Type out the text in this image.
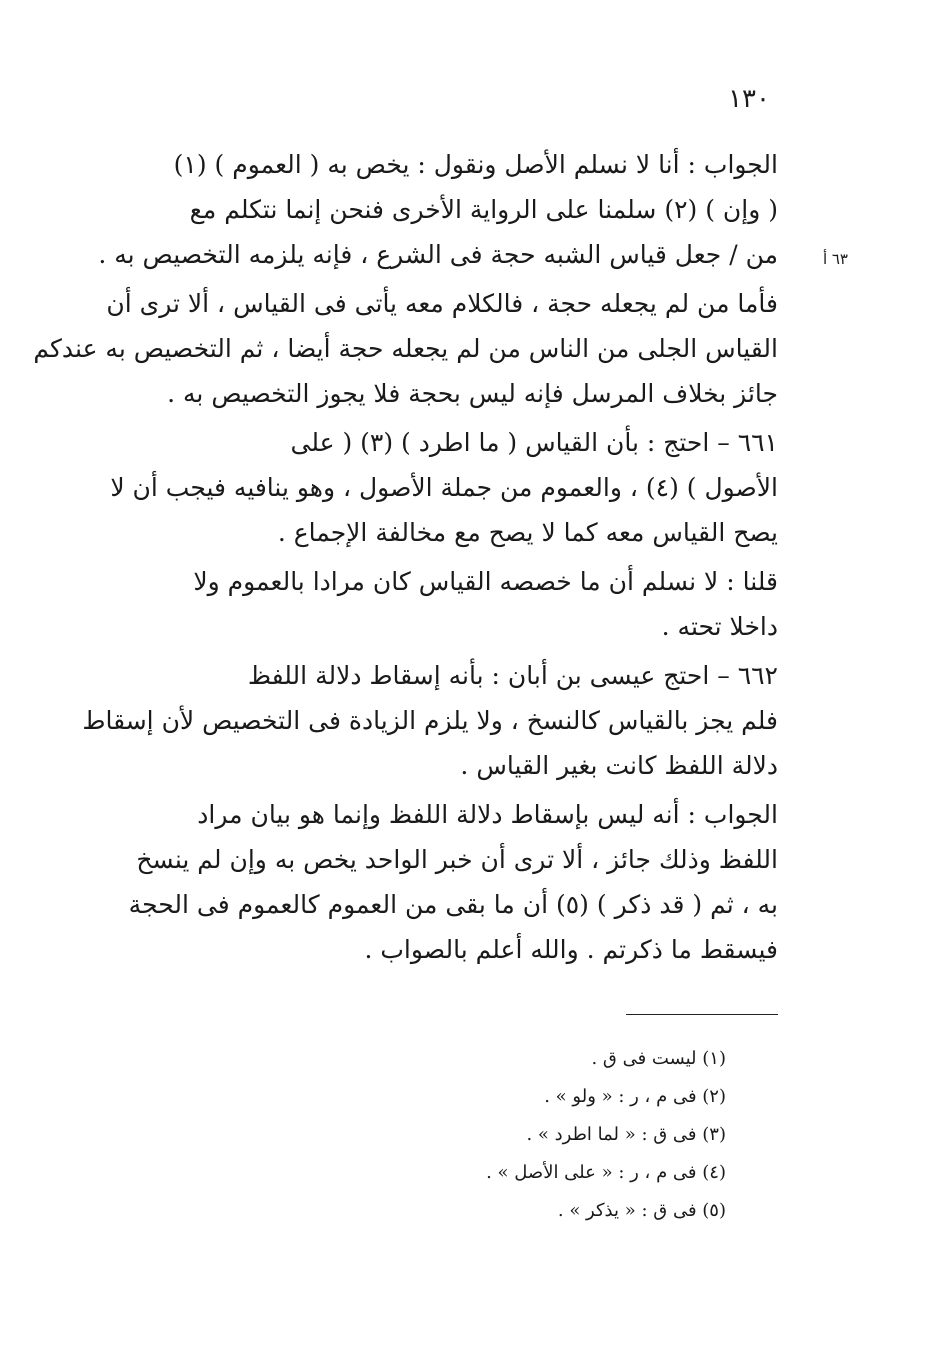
١٣٠
٦٣ أ
الجواب : أنا لا نسلم الأصل ونقول : يخص به ( العموم ) (١)
( وإن ) (٢) سلمنا على الرواية الأخرى فنحن إنما نتكلم مع
من / جعل قياس الشبه حجة فى الشرع ، فإنه يلزمه التخصيص به .
فأما من لم يجعله حجة ، فالكلام معه يأتى فى القياس ، ألا ترى أن
القياس الجلى من الناس من لم يجعله حجة أيضا ، ثم التخصيص به عندكم
جائز بخلاف المرسل فإنه ليس بحجة فلا يجوز التخصيص به .
٦٦١ – احتج : بأن القياس ( ما اطرد ) (٣) ( على
الأصول ) (٤) ، والعموم من جملة الأصول ، وهو ينافيه فيجب أن لا
يصح القياس معه كما لا يصح مع مخالفة الإجماع .
قلنا : لا نسلم أن ما خصصه القياس كان مرادا بالعموم ولا
داخلا تحته .
٦٦٢ – احتج عيسى بن أبان : بأنه إسقاط دلالة اللفظ
فلم يجز بالقياس كالنسخ ، ولا يلزم الزيادة فى التخصيص لأن إسقاط
دلالة اللفظ كانت بغير القياس .
الجواب : أنه ليس بإسقاط دلالة اللفظ وإنما هو بيان مراد
اللفظ وذلك جائز ، ألا ترى أن خبر الواحد يخص به وإن لم ينسخ
به ، ثم ( قد ذكر ) (٥) أن ما بقى من العموم كالعموم فى الحجة
فيسقط ما ذكرتم . والله أعلم بالصواب .
(١) ليست فى ق .
(٢) فى م ، ر : « ولو » .
(٣) فى ق : « لما اطرد » .
(٤) فى م ، ر : « على الأصل » .
(٥) فى ق : « يذكر » .
